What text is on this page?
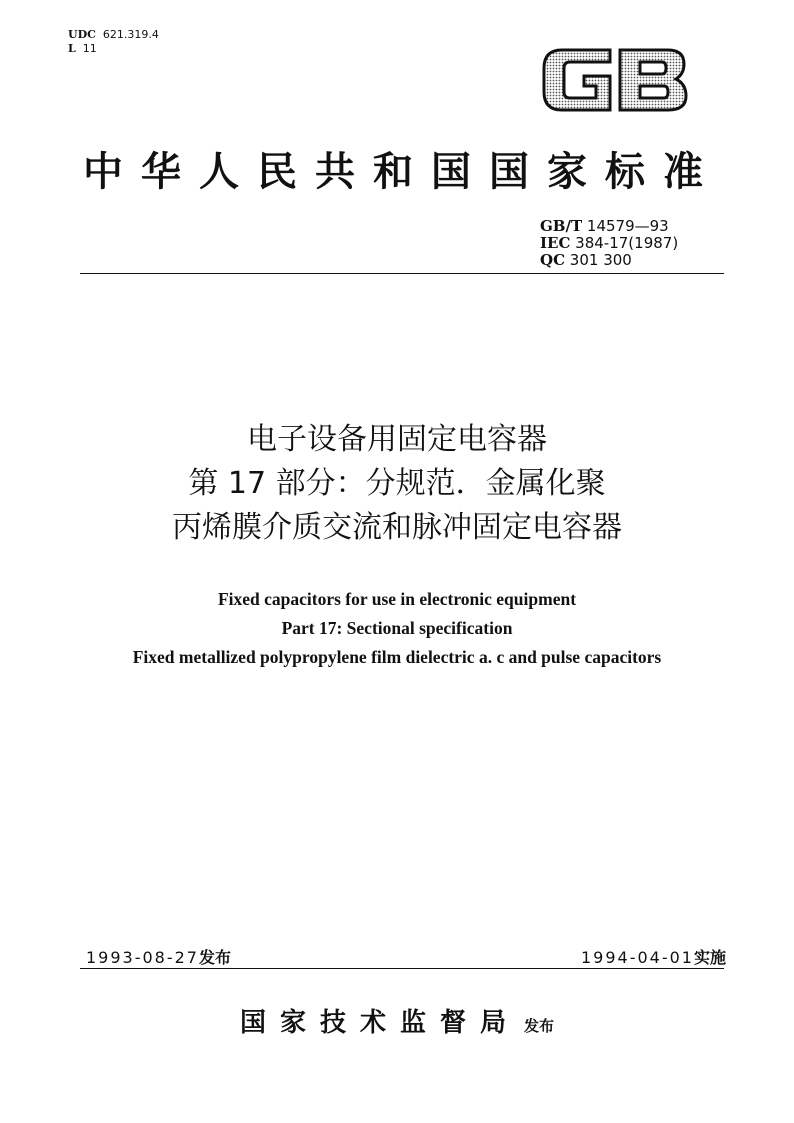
UDC 621.319.4
L 11
中华人民共和国国家标准
GB/T 14579—93
IEC 384-17(1987)
QC 301 300
电子设备用固定电容器
第 17 部分：分规范．金属化聚
丙烯膜介质交流和脉冲固定电容器
Fixed capacitors for use in electronic equipment
Part 17: Sectional specification
Fixed metallized polypropylene film dielectric a. c and pulse capacitors
1993-08-27发布	1994-04-01实施
国家技术监督局 发布
